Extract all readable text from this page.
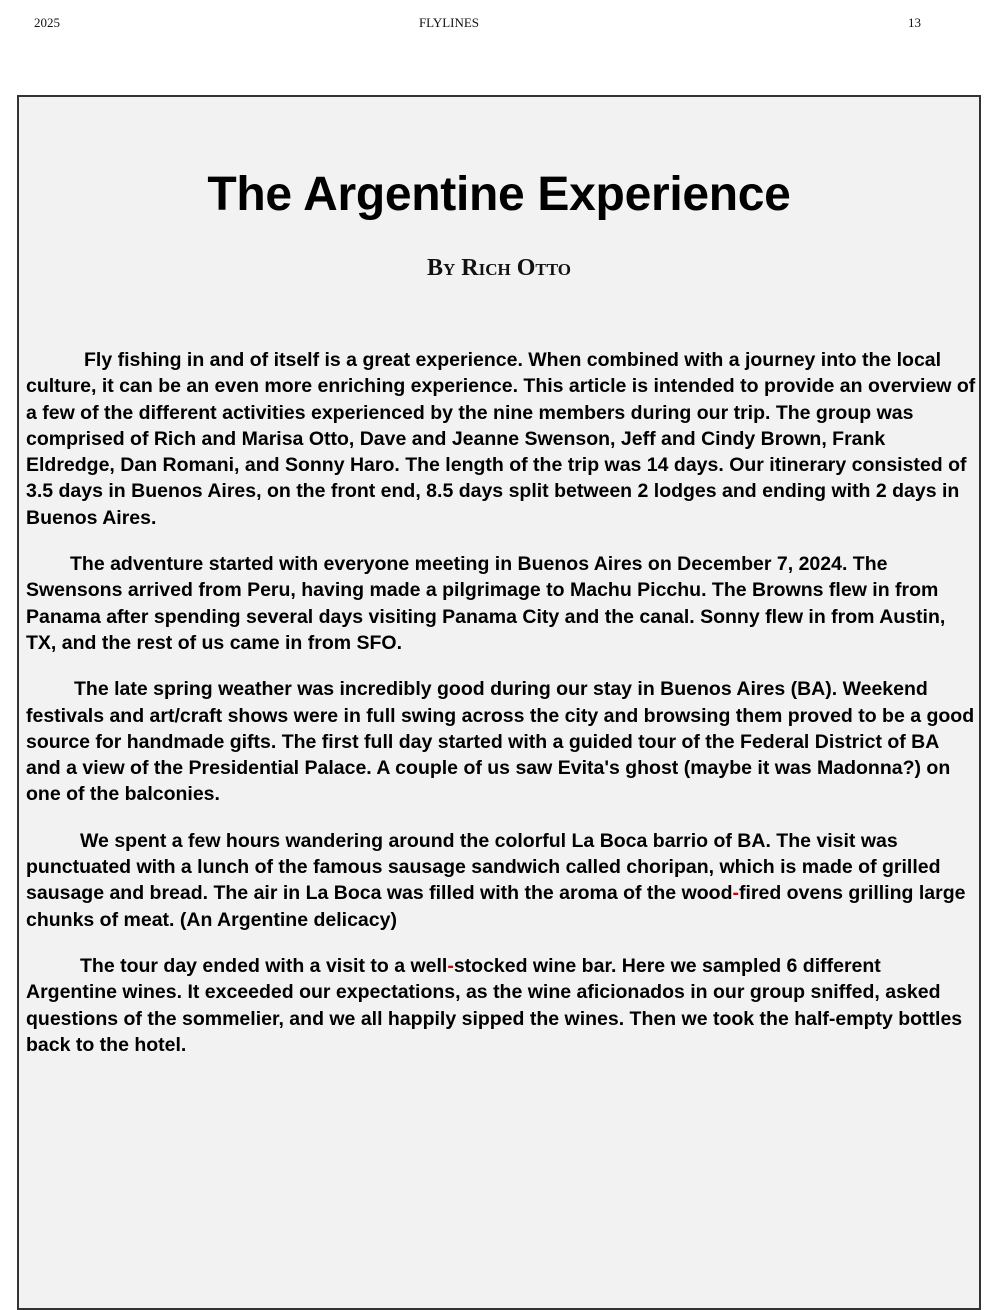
2025	FLYLINES	13
The Argentine Experience
By Rich Otto

Fly fishing in and of itself is a great experience. When combined with a journey into the local culture, it can be an even more enriching experience. This article is intended to provide an overview of a few of the different activities experienced by the nine members during our trip. The group was comprised of Rich and Marisa Otto, Dave and Jeanne Swenson, Jeff and Cindy Brown, Frank Eldredge, Dan Romani, and Sonny Haro. The length of the trip was 14 days. Our itinerary consisted of 3.5 days in Buenos Aires, on the front end, 8.5 days split between 2 lodges and ending with 2 days in Buenos Aires.

The adventure started with everyone meeting in Buenos Aires on December 7, 2024. The Swensons arrived from Peru, having made a pilgrimage to Machu Picchu. The Browns flew in from Panama after spending several days visiting Panama City and the canal. Sonny flew in from Austin, TX, and the rest of us came in from SFO.

The late spring weather was incredibly good during our stay in Buenos Aires (BA). Weekend festivals and art/craft shows were in full swing across the city and browsing them proved to be a good source for handmade gifts. The first full day started with a guided tour of the Federal District of BA and a view of the Presidential Palace. A couple of us saw Evita's ghost (maybe it was Madonna?) on one of the balconies.

We spent a few hours wandering around the colorful La Boca barrio of BA. The visit was punctuated with a lunch of the famous sausage sandwich called choripan, which is made of grilled sausage and bread. The air in La Boca was filled with the aroma of the wood-fired ovens grilling large chunks of meat. (An Argentine delicacy)

The tour day ended with a visit to a well-stocked wine bar. Here we sampled 6 different Argentine wines. It exceeded our expectations, as the wine aficionados in our group sniffed, asked questions of the sommelier, and we all happily sipped the wines. Then we took the half-empty bottles back to the hotel.
